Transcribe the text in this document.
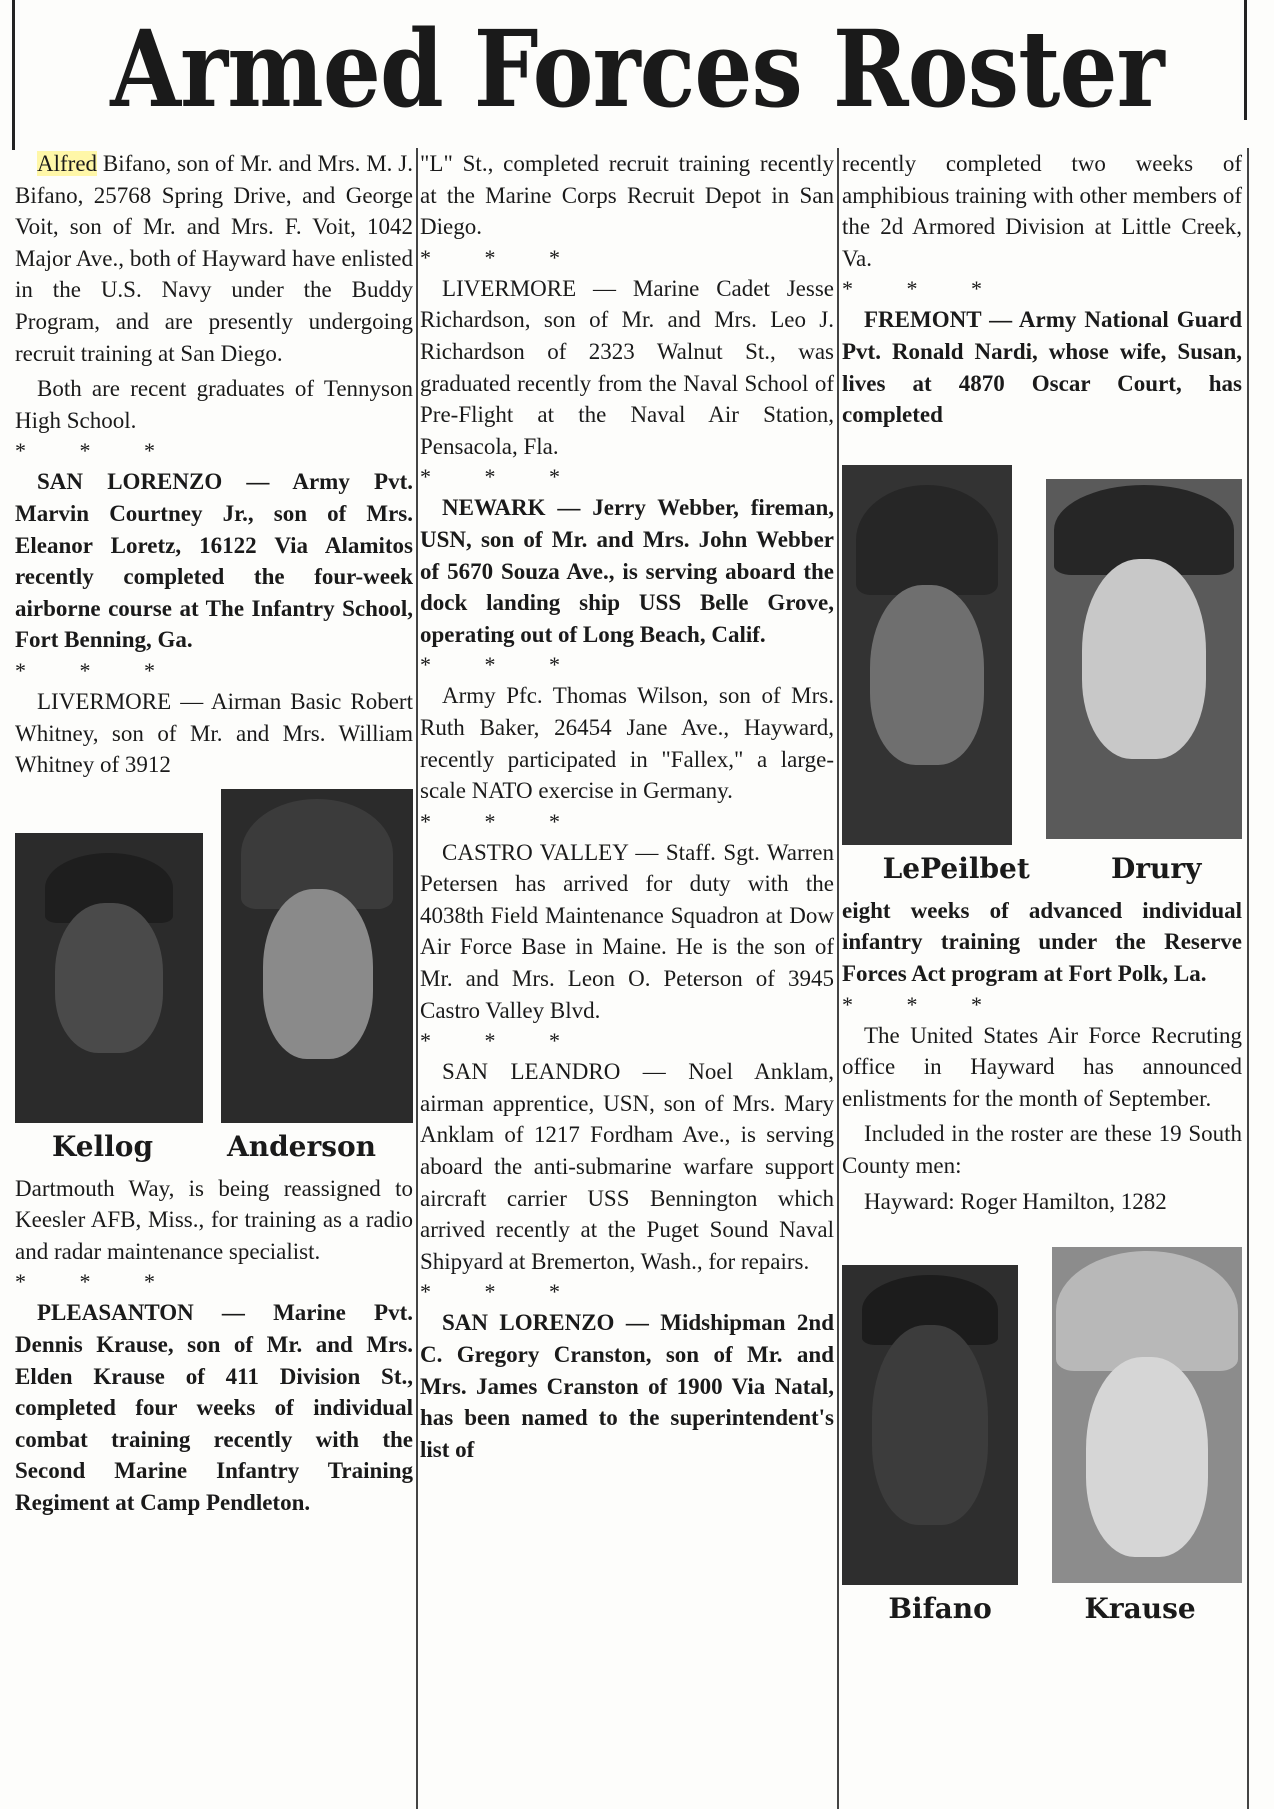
Armed Forces Roster

Alfred Bifano, son of Mr. and Mrs. M. J. Bifano, 25768 Spring Drive, and George Voit, son of Mr. and Mrs. F. Voit, 1042 Major Ave., both of Hayward have enlisted in the U.S. Navy under the Buddy Program, and are presently undergoing recruit training at San Diego.

Both are recent graduates of Tennyson High School.

* * *

SAN LORENZO — Army Pvt. Marvin Courtney Jr., son of Mrs. Eleanor Loretz, 16122 Via Alamitos recently completed the four-week airborne course at The Infantry School, Fort Benning, Ga.

* * *

LIVERMORE — Airman Basic Robert Whitney, son of Mr. and Mrs. William Whitney of 3912

Kellog	Anderson

Dartmouth Way, is being reassigned to Keesler AFB, Miss., for training as a radio and radar maintenance specialist.

* * *

PLEASANTON — Marine Pvt. Dennis Krause, son of Mr. and Mrs. Elden Krause of 411 Division St., completed four weeks of individual combat training recently with the Second Marine Infantry Training Regiment at Camp Pendleton.

"L" St., completed recruit training recently at the Marine Corps Recruit Depot in San Diego.

* * *

LIVERMORE — Marine Cadet Jesse Richardson, son of Mr. and Mrs. Leo J. Richardson of 2323 Walnut St., was graduated recently from the Naval School of Pre-Flight at the Naval Air Station, Pensacola, Fla.

* * *

NEWARK — Jerry Webber, fireman, USN, son of Mr. and Mrs. John Webber of 5670 Souza Ave., is serving aboard the dock landing ship USS Belle Grove, operating out of Long Beach, Calif.

* * *

Army Pfc. Thomas Wilson, son of Mrs. Ruth Baker, 26454 Jane Ave., Hayward, recently participated in "Fallex," a large-scale NATO exercise in Germany.

* * *

CASTRO VALLEY — Staff. Sgt. Warren Petersen has arrived for duty with the 4038th Field Maintenance Squadron at Dow Air Force Base in Maine. He is the son of Mr. and Mrs. Leon O. Peterson of 3945 Castro Valley Blvd.

* * *

SAN LEANDRO — Noel Anklam, airman apprentice, USN, son of Mrs. Mary Anklam of 1217 Fordham Ave., is serving aboard the anti-submarine warfare support aircraft carrier USS Bennington which arrived recently at the Puget Sound Naval Shipyard at Bremerton, Wash., for repairs.

* * *

SAN LORENZO — Midshipman 2nd C. Gregory Cranston, son of Mr. and Mrs. James Cranston of 1900 Via Natal, has been named to the superintendent's list of

recently completed two weeks of amphibious training with other members of the 2d Armored Division at Little Creek, Va.

* * *

FREMONT — Army National Guard Pvt. Ronald Nardi, whose wife, Susan, lives at 4870 Oscar Court, has completed

LePeilbet	Drury

eight weeks of advanced individual infantry training under the Reserve Forces Act program at Fort Polk, La.

* * *

The United States Air Force Recruting office in Hayward has announced enlistments for the month of September.

Included in the roster are these 19 South County men:

Hayward: Roger Hamilton, 1282

Bifano	Krause
